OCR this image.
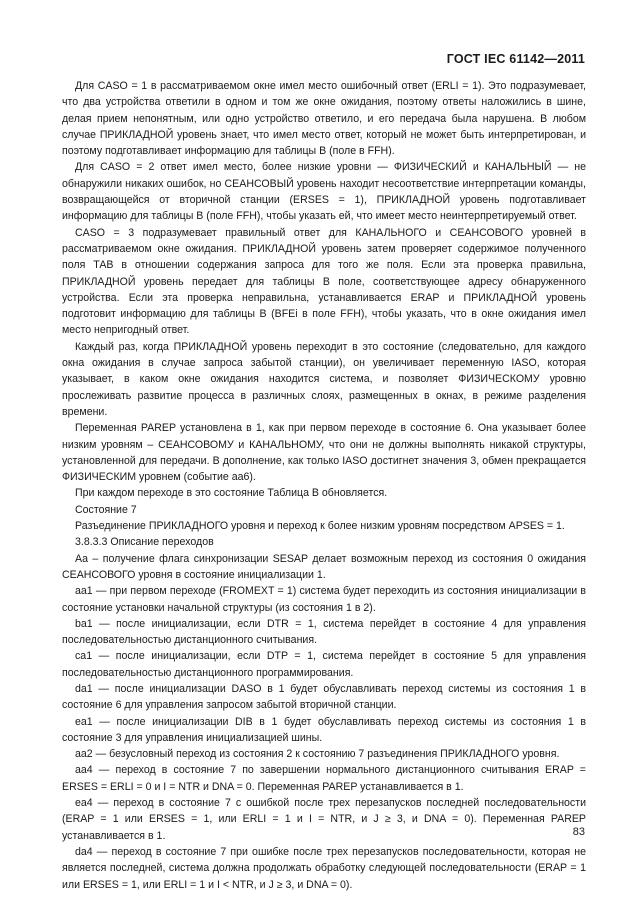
ГОСТ IEC 61142—2011

Для CASO = 1 в рассматриваемом окне имел место ошибочный ответ (ERLI = 1). Это подразумевает, что два устройства ответили в одном и том же окне ожидания, поэтому ответы наложились в шине, делая прием непонятным, или одно устройство ответило, и его передача была нарушена. В любом случае ПРИКЛАДНОЙ уровень знает, что имел место ответ, который не может быть интерпретирован, и поэтому подготавливает информацию для таблицы В (поле в FFH).

Для CASO = 2 ответ имел место, более низкие уровни — ФИЗИЧЕСКИЙ и КАНАЛЬНЫЙ — не обнаружили никаких ошибок, но СЕАНСОВЫЙ уровень находит несоответствие интерпретации команды, возвращающейся от вторичной станции (ERSES = 1), ПРИКЛАДНОЙ уровень подготавливает информацию для таблицы В (поле FFH), чтобы указать ей, что имеет место неинтерпретируемый ответ.

CASO = 3 подразумевает правильный ответ для КАНАЛЬНОГО и СЕАНСОВОГО уровней в рассматриваемом окне ожидания. ПРИКЛАДНОЙ уровень затем проверяет содержимое полученного поля ТАВ в отношении содержания запроса для того же поля. Если эта проверка правильна, ПРИКЛАДНОЙ уровень передает для таблицы В поле, соответствующее адресу обнаруженного устройства. Если эта проверка неправильна, устанавливается ERAP и ПРИКЛАДНОЙ уровень подготовит информацию для таблицы В (BFEi в поле FFH), чтобы указать, что в окне ожидания имел место непригодный ответ.

Каждый раз, когда ПРИКЛАДНОЙ уровень переходит в это состояние (следовательно, для каждого окна ожидания в случае запроса забытой станции), он увеличивает переменную IASO, которая указывает, в каком окне ожидания находится система, и позволяет ФИЗИЧЕСКОМУ уровню прослеживать развитие процесса в различных слоях, размещенных в окнах, в режиме разделения времени.

Переменная PAREP установлена в 1, как при первом переходе в состояние 6. Она указывает более низким уровням – СЕАНСОВОМУ и КАНАЛЬНОМУ, что они не должны выполнять никакой структуры, установленной для передачи. В дополнение, как только IASO достигнет значения 3, обмен прекращается ФИЗИЧЕСКИМ уровнем (событие аа6).

При каждом переходе в это состояние Таблица В обновляется.

Состояние 7

Разъединение ПРИКЛАДНОГО уровня и переход к более низким уровням посредством APSES = 1.

3.8.3.3 Описание переходов

Aa – получение флага синхронизации SESAP делает возможным переход из состояния 0 ожидания СЕАНСОВОГО уровня в состояние инициализации 1.

аа1 — при первом переходе (FROMEXT = 1) система будет переходить из состояния инициализации в состояние установки начальной структуры (из состояния 1 в 2).

bа1 — после инициализации, если DTR = 1, система перейдет в состояние 4 для управления последовательностью дистанционного считывания.

са1 — после инициализации, если DTP = 1, система перейдет в состояние 5 для управления последовательностью дистанционного программирования.

dа1 — после инициализации DASO в 1 будет обуславливать переход системы из состояния 1 в состояние 6 для управления запросом забытой вторичной станции.

еа1 — после инициализации DIB в 1 будет обуславливать переход системы из состояния 1 в состояние 3 для управления инициализацией шины.

аа2 — безусловный переход из состояния 2 к состоянию 7 разъединения ПРИКЛАДНОГО уровня.

аа4 — переход в состояние 7 по завершении нормального дистанционного считывания ERAP = ERSES = ERLI = 0 и I = NTR и DNA = 0. Переменная PAREP устанавливается в 1.

еа4 — переход в состояние 7 с ошибкой после трех перезапусков последней последовательности (ERAP = 1 или ERSES = 1, или ERLI = 1 и I = NTR, и J ≥ 3, и DNA = 0). Переменная PAREP устанавливается в 1.

dа4 — переход в состояние 7 при ошибке после трех перезапусков последовательности, которая не является последней, система должна продолжать обработку следующей последовательности (ERAP = 1 или ERSES = 1, или ERLI = 1 и I < NTR, и J ≥ 3, и DNA = 0).

83
